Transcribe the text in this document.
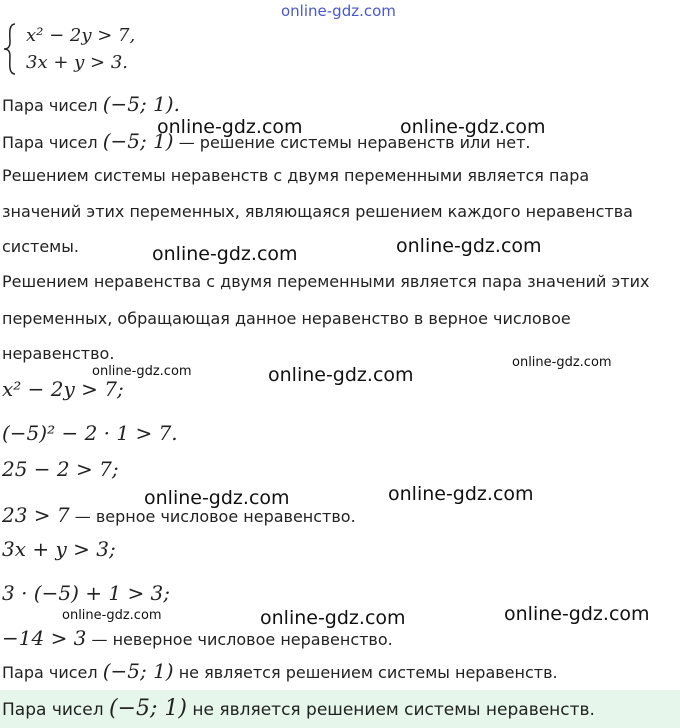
online-gdz.com
x² − 2y > 7,
3x + y > 3.
Пара чисел (−5; 1).
Пара чисел (−5; 1) — решение системы неравенств или нет.
Решением системы неравенств с двумя переменными является пара
значений этих переменных, являющаяся решением каждого неравенства
системы.
Решением неравенства с двумя переменными является пара значений этих
переменных, обращающая данное неравенство в верное числовое
неравенство.
x² − 2y > 7;
(−5)² − 2 · 1 > 7.
25 − 2 > 7;
23 > 7 — верное числовое неравенство.
3x + y > 3;
3 · (−5) + 1 > 3;
−14 > 3 — неверное числовое неравенство.
Пара чисел (−5; 1) не является решением системы неравенств.
Пара чисел (−5; 1) не является решением системы неравенств.
online-gdz.com	online-gdz.com
online-gdz.com	online-gdz.com
online-gdz.com	online-gdz.com
online-gdz.com
online-gdz.com	online-gdz.com
online-gdz.com	online-gdz.com	online-gdz.com
